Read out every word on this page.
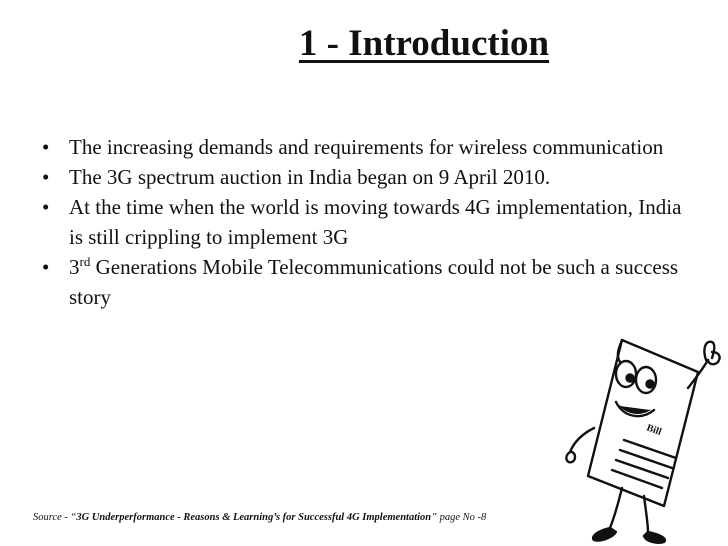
1 - Introduction
• The increasing demands and requirements for wireless communication
• The 3G spectrum auction in India began on 9 April 2010.
• At the time when the world is moving towards 4G implementation, India is still crippling to implement 3G
• 3rd Generations Mobile Telecommunications could not be such a success story
Source - “3G Underperformance - Reasons & Learning’s for Successful 4G Implementation” page No -8
Bill
